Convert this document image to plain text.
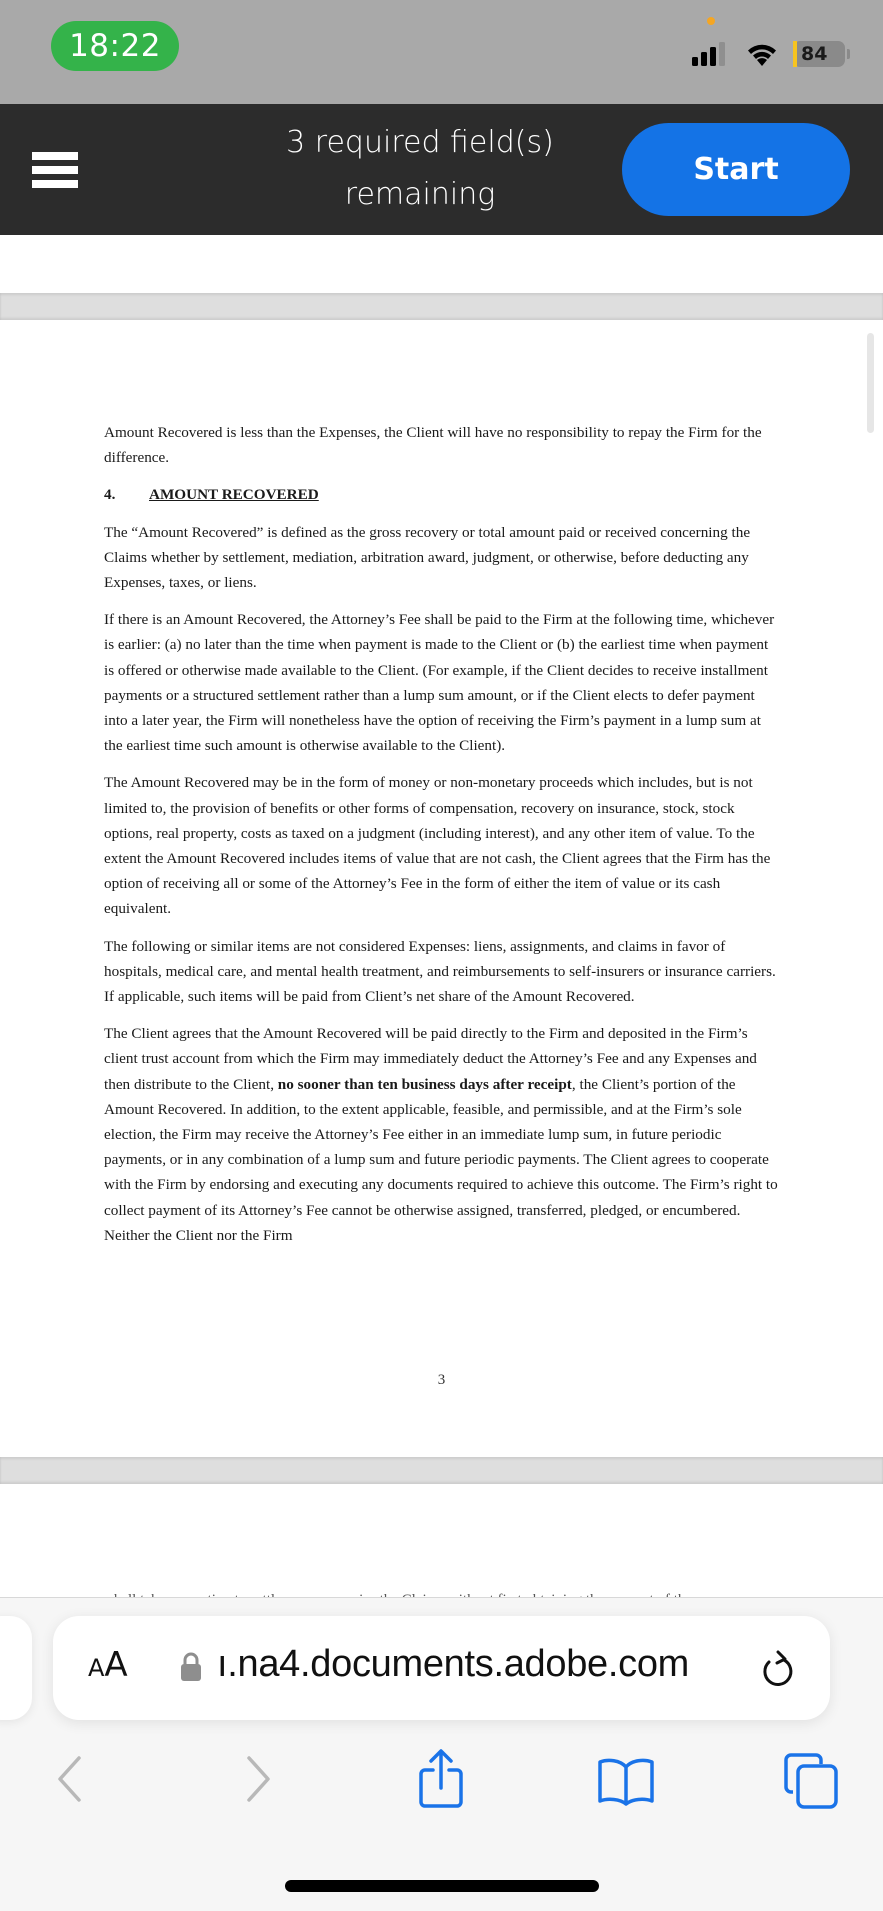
18:22	84
3 required field(s)
remaining
Start

Amount Recovered is less than the Expenses, the Client will have no responsibility to repay the Firm for the difference.

4. AMOUNT RECOVERED

The “Amount Recovered” is defined as the gross recovery or total amount paid or received concerning the Claims whether by settlement, mediation, arbitration award, judgment, or otherwise, before deducting any Expenses, taxes, or liens.

If there is an Amount Recovered, the Attorney’s Fee shall be paid to the Firm at the following time, whichever is earlier: (a) no later than the time when payment is made to the Client or (b) the earliest time when payment is offered or otherwise made available to the Client. (For example, if the Client decides to receive installment payments or a structured settlement rather than a lump sum amount, or if the Client elects to defer payment into a later year, the Firm will nonetheless have the option of receiving the Firm’s payment in a lump sum at the earliest time such amount is otherwise available to the Client).

The Amount Recovered may be in the form of money or non-monetary proceeds which includes, but is not limited to, the provision of benefits or other forms of compensation, recovery on insurance, stock, stock options, real property, costs as taxed on a judgment (including interest), and any other item of value. To the extent the Amount Recovered includes items of value that are not cash, the Client agrees that the Firm has the option of receiving all or some of the Attorney’s Fee in the form of either the item of value or its cash equivalent.

The following or similar items are not considered Expenses: liens, assignments, and claims in favor of hospitals, medical care, and mental health treatment, and reimbursements to self-insurers or insurance carriers. If applicable, such items will be paid from Client’s net share of the Amount Recovered.

The Client agrees that the Amount Recovered will be paid directly to the Firm and deposited in the Firm’s client trust account from which the Firm may immediately deduct the Attorney’s Fee and any Expenses and then distribute to the Client, no sooner than ten business days after receipt, the Client’s portion of the Amount Recovered. In addition, to the extent applicable, feasible, and permissible, and at the Firm’s sole election, the Firm may receive the Attorney’s Fee either in an immediate lump sum, in future periodic payments, or in any combination of a lump sum and future periodic payments. The Client agrees to cooperate with the Firm by endorsing and executing any documents required to achieve this outcome. The Firm’s right to collect payment of its Attorney’s Fee cannot be otherwise assigned, transferred, pledged, or encumbered. Neither the Client nor the Firm

3
AA ı.na4.documents.adobe.com
